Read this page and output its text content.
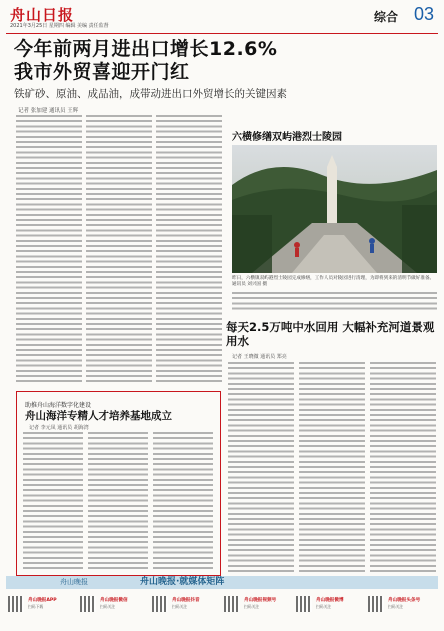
舟山日报
2021年3月25日 星期四 编辑 美编 责任监督
综合 03
今年前两月进出口增长12.6%
我市外贸喜迎开门红
铁矿砂、原油、成品油，成带动进出口外贸增长的关键因素
记者 张加建 通讯员 王辉
六横修缮双屿港烈士陵园
昨日，六横镇双屿港烈士陵园完成修缮，工作人员对陵园进行清理，为即将到来的清明节做好准备。 通讯员 刘兴国 摄
每天2.5万吨中水回用 大幅补充河道景观用水
记者 王晓微 通讯员 郑亮
助推舟山海洋数字化建设
舟山海洋专精人才培养基地成立
记者 李元凤 通讯员 胡海湾
舟山晚报	舟山晚报·就媒体矩阵
舟山晚报APP
扫码下载
舟山晚报微信
扫码关注
舟山晚报抖音
扫码关注
舟山晚报视频号
扫码关注
舟山晚报微博
扫码关注
舟山晚报头条号
扫码关注
